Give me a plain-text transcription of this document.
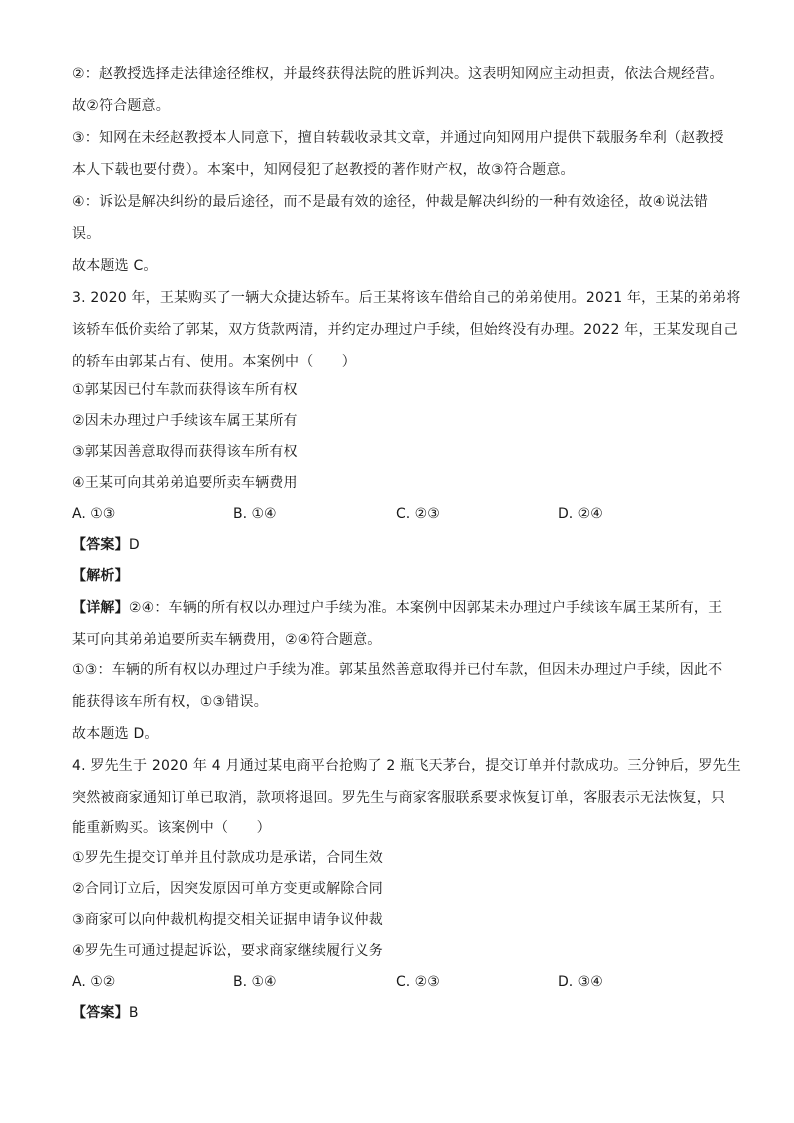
②：赵教授选择走法律途径维权，并最终获得法院的胜诉判决。这表明知网应主动担责，依法合规经营。
故②符合题意。
③：知网在未经赵教授本人同意下，擅自转载收录其文章，并通过向知网用户提供下载服务牟利（赵教授
本人下载也要付费）。本案中，知网侵犯了赵教授的著作财产权，故③符合题意。
④：诉讼是解决纠纷的最后途径，而不是最有效的途径，仲裁是解决纠纷的一种有效途径，故④说法错
误。
故本题选 C。
3. 2020 年，王某购买了一辆大众捷达轿车。后王某将该车借给自己的弟弟使用。2021 年，王某的弟弟将
该轿车低价卖给了郭某，双方货款两清，并约定办理过户手续，但始终没有办理。2022 年，王某发现自己
的轿车由郭某占有、使用。本案例中（　　）
①郭某因已付车款而获得该车所有权
②因未办理过户手续该车属王某所有
③郭某因善意取得而获得该车所有权
④王某可向其弟弟追要所卖车辆费用
A. ①③	B. ①④	C. ②③	D. ②④
【答案】D
【解析】
【详解】②④：车辆的所有权以办理过户手续为准。本案例中因郭某未办理过户手续该车属王某所有，王
某可向其弟弟追要所卖车辆费用，②④符合题意。
①③：车辆的所有权以办理过户手续为准。郭某虽然善意取得并已付车款，但因未办理过户手续，因此不
能获得该车所有权，①③错误。
故本题选 D。
4. 罗先生于 2020 年 4 月通过某电商平台抢购了 2 瓶飞天茅台，提交订单并付款成功。三分钟后，罗先生
突然被商家通知订单已取消，款项将退回。罗先生与商家客服联系要求恢复订单，客服表示无法恢复，只
能重新购买。该案例中（　　）
①罗先生提交订单并且付款成功是承诺，合同生效
②合同订立后，因突发原因可单方变更或解除合同
③商家可以向仲裁机构提交相关证据申请争议仲裁
④罗先生可通过提起诉讼，要求商家继续履行义务
A. ①②	B. ①④	C. ②③	D. ③④
【答案】B
